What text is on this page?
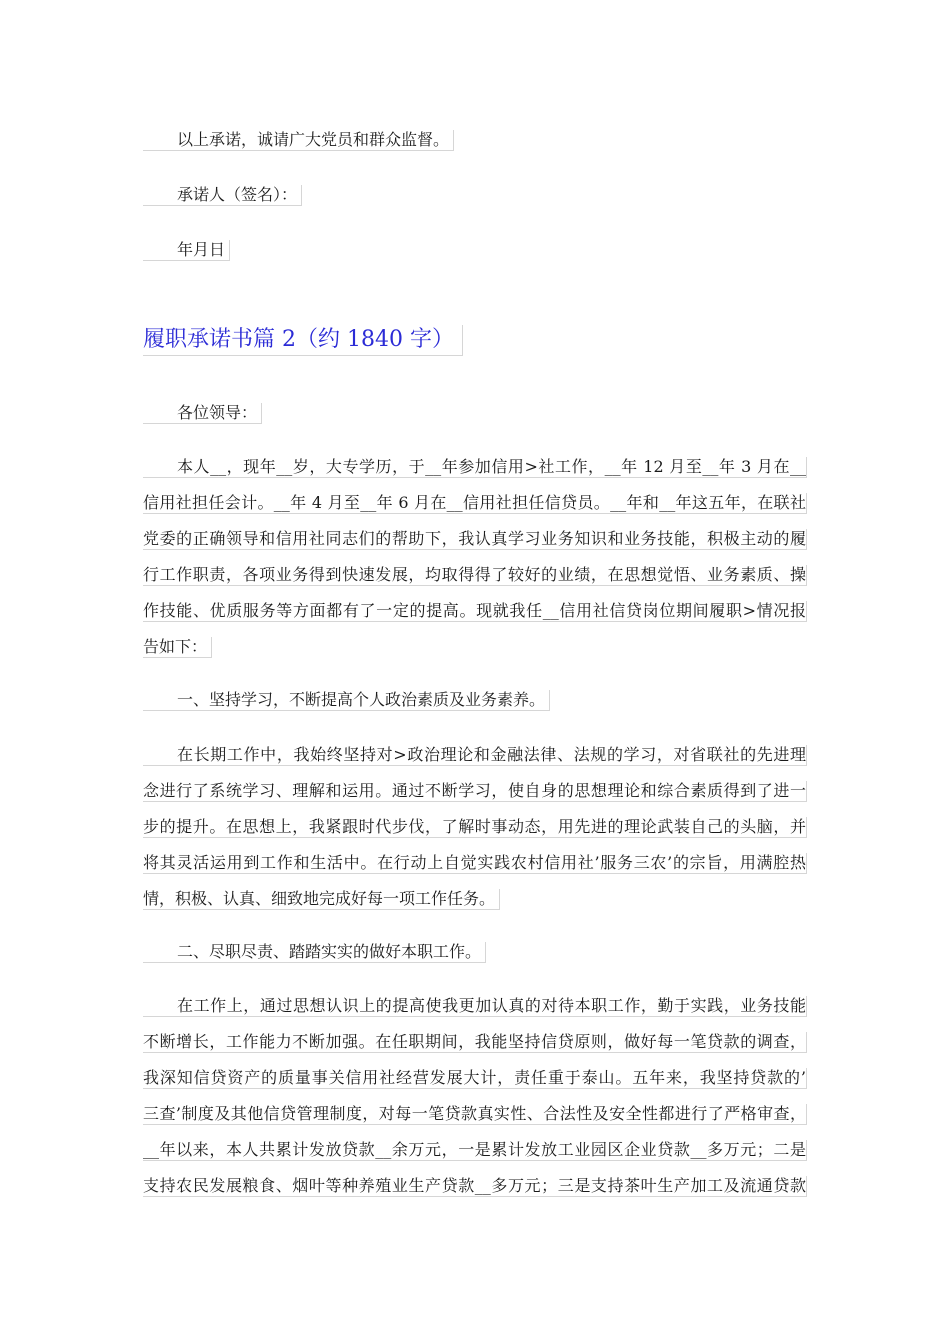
以上承诺，诚请广大党员和群众监督。
承诺人（签名）：
年月日
履职承诺书篇 2（约 1840 字）
各位领导：
本人__，现年__岁，大专学历，于__年参加信用>社工作，__年 12 月至__年 3 月在__
信用社担任会计。__年 4 月至__年 6 月在__信用社担任信贷员。__年和__年这五年，在联社
党委的正确领导和信用社同志们的帮助下，我认真学习业务知识和业务技能，积极主动的履
行工作职责，各项业务得到快速发展，均取得得了较好的业绩，在思想觉悟、业务素质、操
作技能、优质服务等方面都有了一定的提高。现就我任__信用社信贷岗位期间履职>情况报
告如下：
一、坚持学习，不断提高个人政治素质及业务素养。
在长期工作中，我始终坚持对>政治理论和金融法律、法规的学习，对省联社的先进理
念进行了系统学习、理解和运用。通过不断学习，使自身的思想理论和综合素质得到了进一
步的提升。在思想上，我紧跟时代步伐，了解时事动态，用先进的理论武装自己的头脑，并
将其灵活运用到工作和生活中。在行动上自觉实践农村信用社’服务三农’的宗旨，用满腔热
情，积极、认真、细致地完成好每一项工作任务。
二、尽职尽责、踏踏实实的做好本职工作。
在工作上，通过思想认识上的提高使我更加认真的对待本职工作，勤于实践，业务技能
不断增长，工作能力不断加强。在任职期间，我能坚持信贷原则，做好每一笔贷款的调查，
我深知信贷资产的质量事关信用社经营发展大计，责任重于泰山。五年来，我坚持贷款的’
三查’制度及其他信贷管理制度，对每一笔贷款真实性、合法性及安全性都进行了严格审查，
__年以来，本人共累计发放贷款__余万元，一是累计发放工业园区企业贷款__多万元；二是
支持农民发展粮食、烟叶等种养殖业生产贷款__多万元；三是支持茶叶生产加工及流通贷款
